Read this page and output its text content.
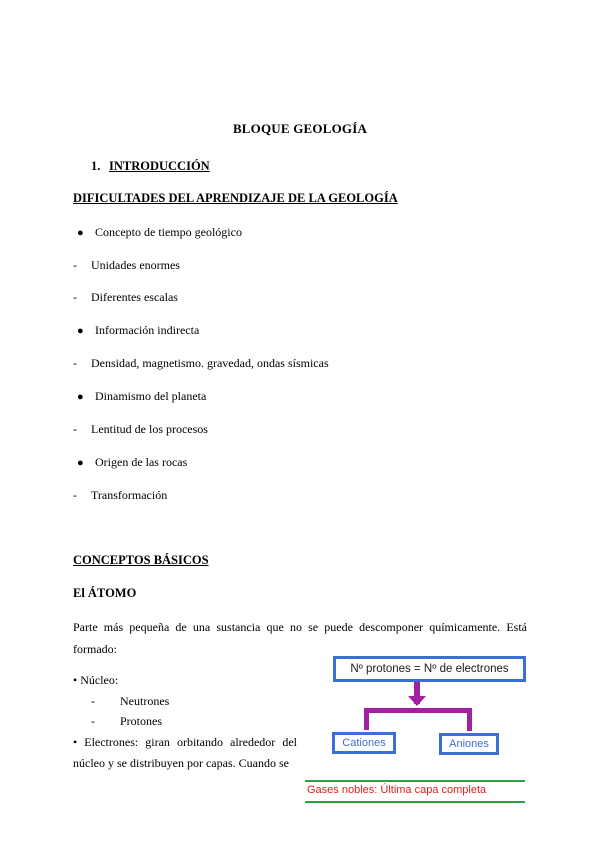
BLOQUE GEOLOGÍA
1. INTRODUCCIÓN
DIFICULTADES DEL APRENDIZAJE DE LA GEOLOGÍA
● Concepto de tiempo geológico
- Unidades enormes
- Diferentes escalas
● Información indirecta
- Densidad, magnetismo. gravedad, ondas sísmicas
● Dinamismo del planeta
- Lentitud de los procesos
● Origen de las rocas
- Transformación
CONCEPTOS BÁSICOS
El ÁTOMO
Parte más pequeña de una sustancia que no se puede descomponer químicamente. Está formado:
• Núcleo:
- Neutrones
- Protones
• Electrones: giran orbitando alrededor del núcleo y se distribuyen por capas. Cuando se
Nº protones = Nº de electrones
Cationes	Aniones
Gases nobles: Última capa completa
